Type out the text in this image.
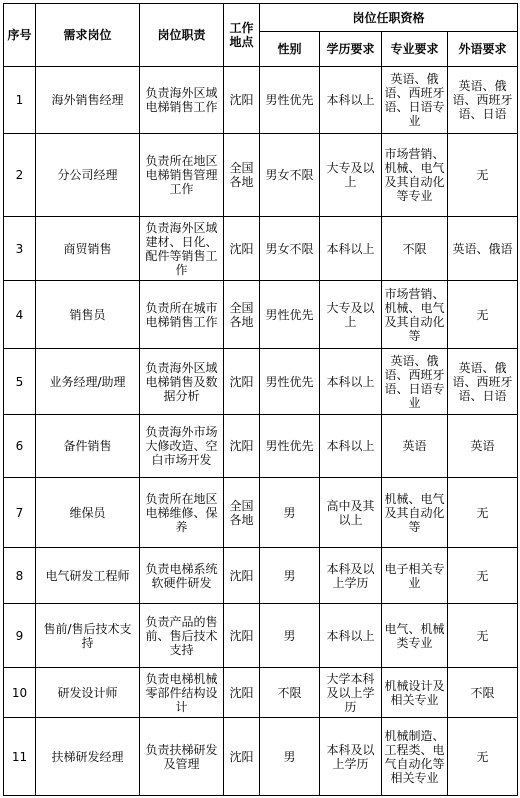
序号	需求岗位	岗位职责	工作地点	岗位任职资格			
				性别	学历要求	专业要求	外语要求
1	海外销售经理	负责海外区域电梯销售工作	沈阳	男性优先	本科以上	英语、俄语、西班牙语、日语专业	英语、俄语、西班牙语、日语
2	分公司经理	负责所在地区电梯销售管理工作	全国各地	男女不限	大专及以上	市场营销、机械、电气及其自动化等专业	无
3	商贸销售	负责海外区域建材、日化、配件等销售工作	沈阳	男女不限	本科以上	不限	英语、俄语
4	销售员	负责所在城市电梯销售工作	全国各地	男性优先	大专及以上	市场营销、机械、电气及其自动化等	无
5	业务经理/助理	负责海外区域电梯销售及数据分析	沈阳	男性优先	本科以上	英语、俄语、西班牙语、日语专业	英语、俄语、西班牙语、日语
6	备件销售	负责海外市场大修改造、空白市场开发	沈阳	男性优先	本科以上	英语	英语
7	维保员	负责所在地区电梯维修、保养	全国各地	男	高中及其以上	机械、电气及其自动化等	无
8	电气研发工程师	负责电梯系统软硬件研发	沈阳	男	本科及以上学历	电子相关专业	无
9	售前/售后技术支持	负责产品的售前、售后技术支持	沈阳	男	本科以上	电气、机械类专业	无
10	研发设计师	负责电梯机械零部件结构设计	沈阳	不限	大学本科及以上学历	机械设计及相关专业	不限
11	扶梯研发经理	负责扶梯研发及管理	沈阳	男	本科及以上学历	机械制造、工程类、电气自动化等相关专业	无
